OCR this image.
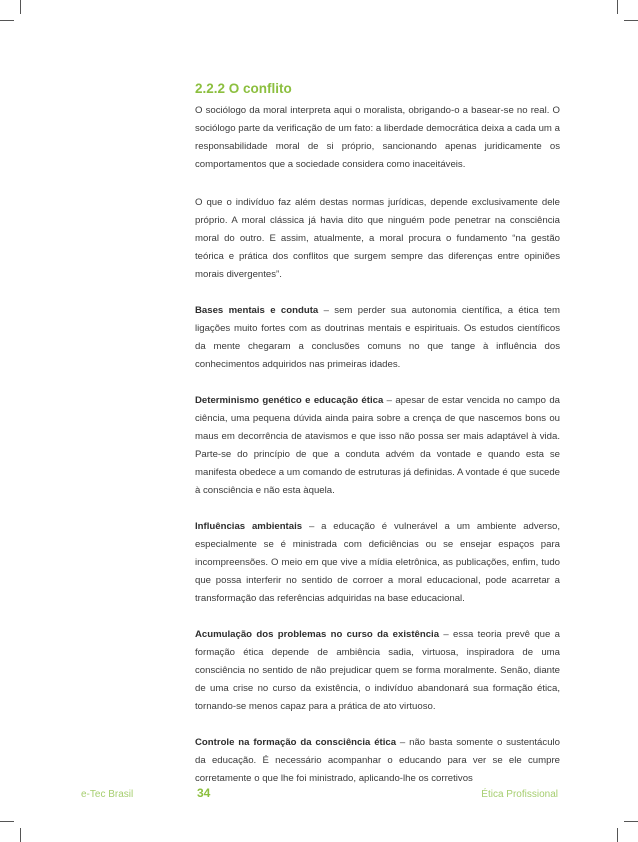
2.2.2 O conflito

O sociólogo da moral interpreta aqui o moralista, obrigando-o a basear-se no real. O sociólogo parte da verificação de um fato: a liberdade democrática deixa a cada um a responsabilidade moral de si próprio, sancionando apenas juridicamente os comportamentos que a sociedade considera como inaceitáveis.

O que o indivíduo faz além destas normas jurídicas, depende exclusivamente dele próprio. A moral clássica já havia dito que ninguém pode penetrar na consciência moral do outro. E assim, atualmente, a moral procura o fundamento “na gestão teórica e prática dos conflitos que surgem sempre das diferenças entre opiniões morais divergentes”.

Bases mentais e conduta – sem perder sua autonomia científica, a ética tem ligações muito fortes com as doutrinas mentais e espirituais. Os estudos científicos da mente chegaram a conclusões comuns no que tange à influência dos conhecimentos adquiridos nas primeiras idades.

Determinismo genético e educação ética – apesar de estar vencida no campo da ciência, uma pequena dúvida ainda paira sobre a crença de que nascemos bons ou maus em decorrência de atavismos e que isso não possa ser mais adaptável à vida. Parte-se do princípio de que a conduta advém da vontade e quando esta se manifesta obedece a um comando de estruturas já definidas. A vontade é que sucede à consciência e não esta àquela.

Influências ambientais – a educação é vulnerável a um ambiente adverso, especialmente se é ministrada com deficiências ou se ensejar espaços para incompreensões. O meio em que vive a mídia eletrônica, as publicações, enfim, tudo que possa interferir no sentido de corroer a moral educacional, pode acarretar a transformação das referências adquiridas na base educacional.

Acumulação dos problemas no curso da existência – essa teoria prevê que a formação ética depende de ambiência sadia, virtuosa, inspiradora de uma consciência no sentido de não prejudicar quem se forma moralmente. Senão, diante de uma crise no curso da existência, o indivíduo abandonará sua formação ética, tornando-se menos capaz para a prática de ato virtuoso.

Controle na formação da consciência ética – não basta somente o sustentáculo da educação. É necessário acompanhar o educando para ver se ele cumpre corretamente o que lhe foi ministrado, aplicando-lhe os corretivos

e-Tec Brasil	34	Ética Profissional
